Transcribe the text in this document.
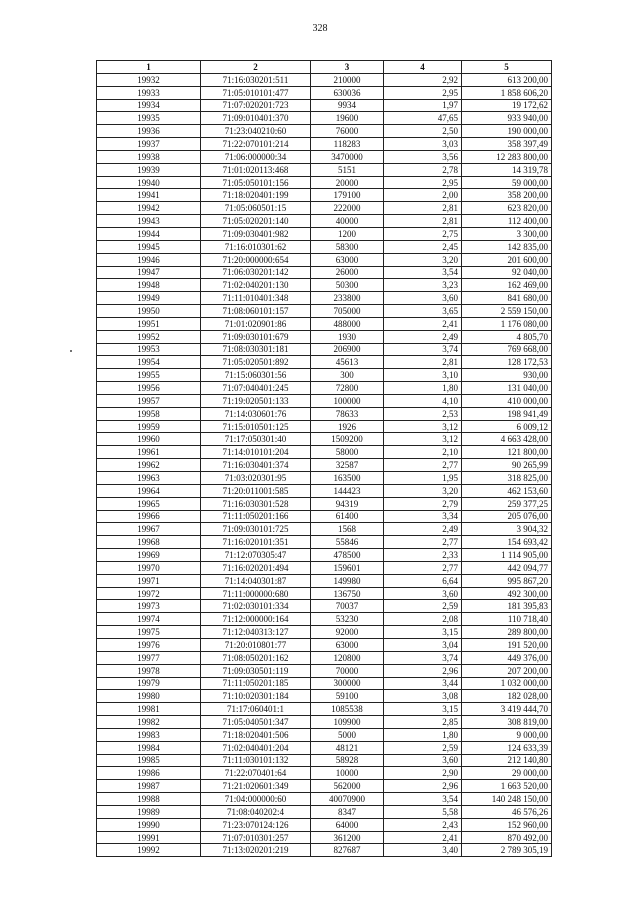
328
1	2	3	4	5
19932	71:16:030201:511	210000	2,92	613 200,00
19933	71:05:010101:477	630036	2,95	1 858 606,20
19934	71:07:020201:723	9934	1,97	19 172,62
19935	71:09:010401:370	19600	47,65	933 940,00
19936	71:23:040210:60	76000	2,50	190 000,00
19937	71:22:070101:214	118283	3,03	358 397,49
19938	71:06:000000:34	3470000	3,56	12 283 800,00
19939	71:01:020113:468	5151	2,78	14 319,78
19940	71:05:050101:156	20000	2,95	59 000,00
19941	71:18:020401:199	179100	2,00	358 200,00
19942	71:05:060501:15	222000	2,81	623 820,00
19943	71:05:020201:140	40000	2,81	112 400,00
19944	71:09:030401:982	1200	2,75	3 300,00
19945	71:16:010301:62	58300	2,45	142 835,00
19946	71:20:000000:654	63000	3,20	201 600,00
19947	71:06:030201:142	26000	3,54	92 040,00
19948	71:02:040201:130	50300	3,23	162 469,00
19949	71:11:010401:348	233800	3,60	841 680,00
19950	71:08:060101:157	705000	3,65	2 559 150,00
19951	71:01:020901:86	488000	2,41	1 176 080,00
19952	71:09:030101:679	1930	2,49	4 805,70
19953	71:08:030301:181	206900	3,74	769 668,00
19954	71:05:020501:892	45613	2,81	128 172,53
19955	71:15:060301:56	300	3,10	930,00
19956	71:07:040401:245	72800	1,80	131 040,00
19957	71:19:020501:133	100000	4,10	410 000,00
19958	71:14:030601:76	78633	2,53	198 941,49
19959	71:15:010501:125	1926	3,12	6 009,12
19960	71:17:050301:40	1509200	3,12	4 663 428,00
19961	71:14:010101:204	58000	2,10	121 800,00
19962	71:16:030401:374	32587	2,77	90 265,99
19963	71:03:020301:95	163500	1,95	318 825,00
19964	71:20:011001:585	144423	3,20	462 153,60
19965	71:16:030301:528	94319	2,79	259 377,25
19966	71:11:050201:166	61400	3,34	205 076,00
19967	71:09:030101:725	1568	2,49	3 904,32
19968	71:16:020101:351	55846	2,77	154 693,42
19969	71:12:070305:47	478500	2,33	1 114 905,00
19970	71:16:020201:494	159601	2,77	442 094,77
19971	71:14:040301:87	149980	6,64	995 867,20
19972	71:11:000000:680	136750	3,60	492 300,00
19973	71:02:030101:334	70037	2,59	181 395,83
19974	71:12:000000:164	53230	2,08	110 718,40
19975	71:12:040313:127	92000	3,15	289 800,00
19976	71:20:010801:77	63000	3,04	191 520,00
19977	71:08:050201:162	120800	3,74	449 376,00
19978	71:09:030501:119	70000	2,96	207 200,00
19979	71:11:050201:185	300000	3,44	1 032 000,00
19980	71:10:020301:184	59100	3,08	182 028,00
19981	71:17:060401:1	1085538	3,15	3 419 444,70
19982	71:05:040501:347	109900	2,85	308 819,00
19983	71:18:020401:506	5000	1,80	9 000,00
19984	71:02:040401:204	48121	2,59	124 633,39
19985	71:11:030101:132	58928	3,60	212 140,80
19986	71:22:070401:64	10000	2,90	29 000,00
19987	71:21:020601:349	562000	2,96	1 663 520,00
19988	71:04:000000:60	40070900	3,54	140 248 150,00
19989	71:08:040202:4	8347	5,58	46 576,26
19990	71:23:070124:126	64000	2,43	152 960,00
19991	71:07:010301:257	361200	2,41	870 492,00
19992	71:13:020201:219	827687	3,40	2 789 305,19
